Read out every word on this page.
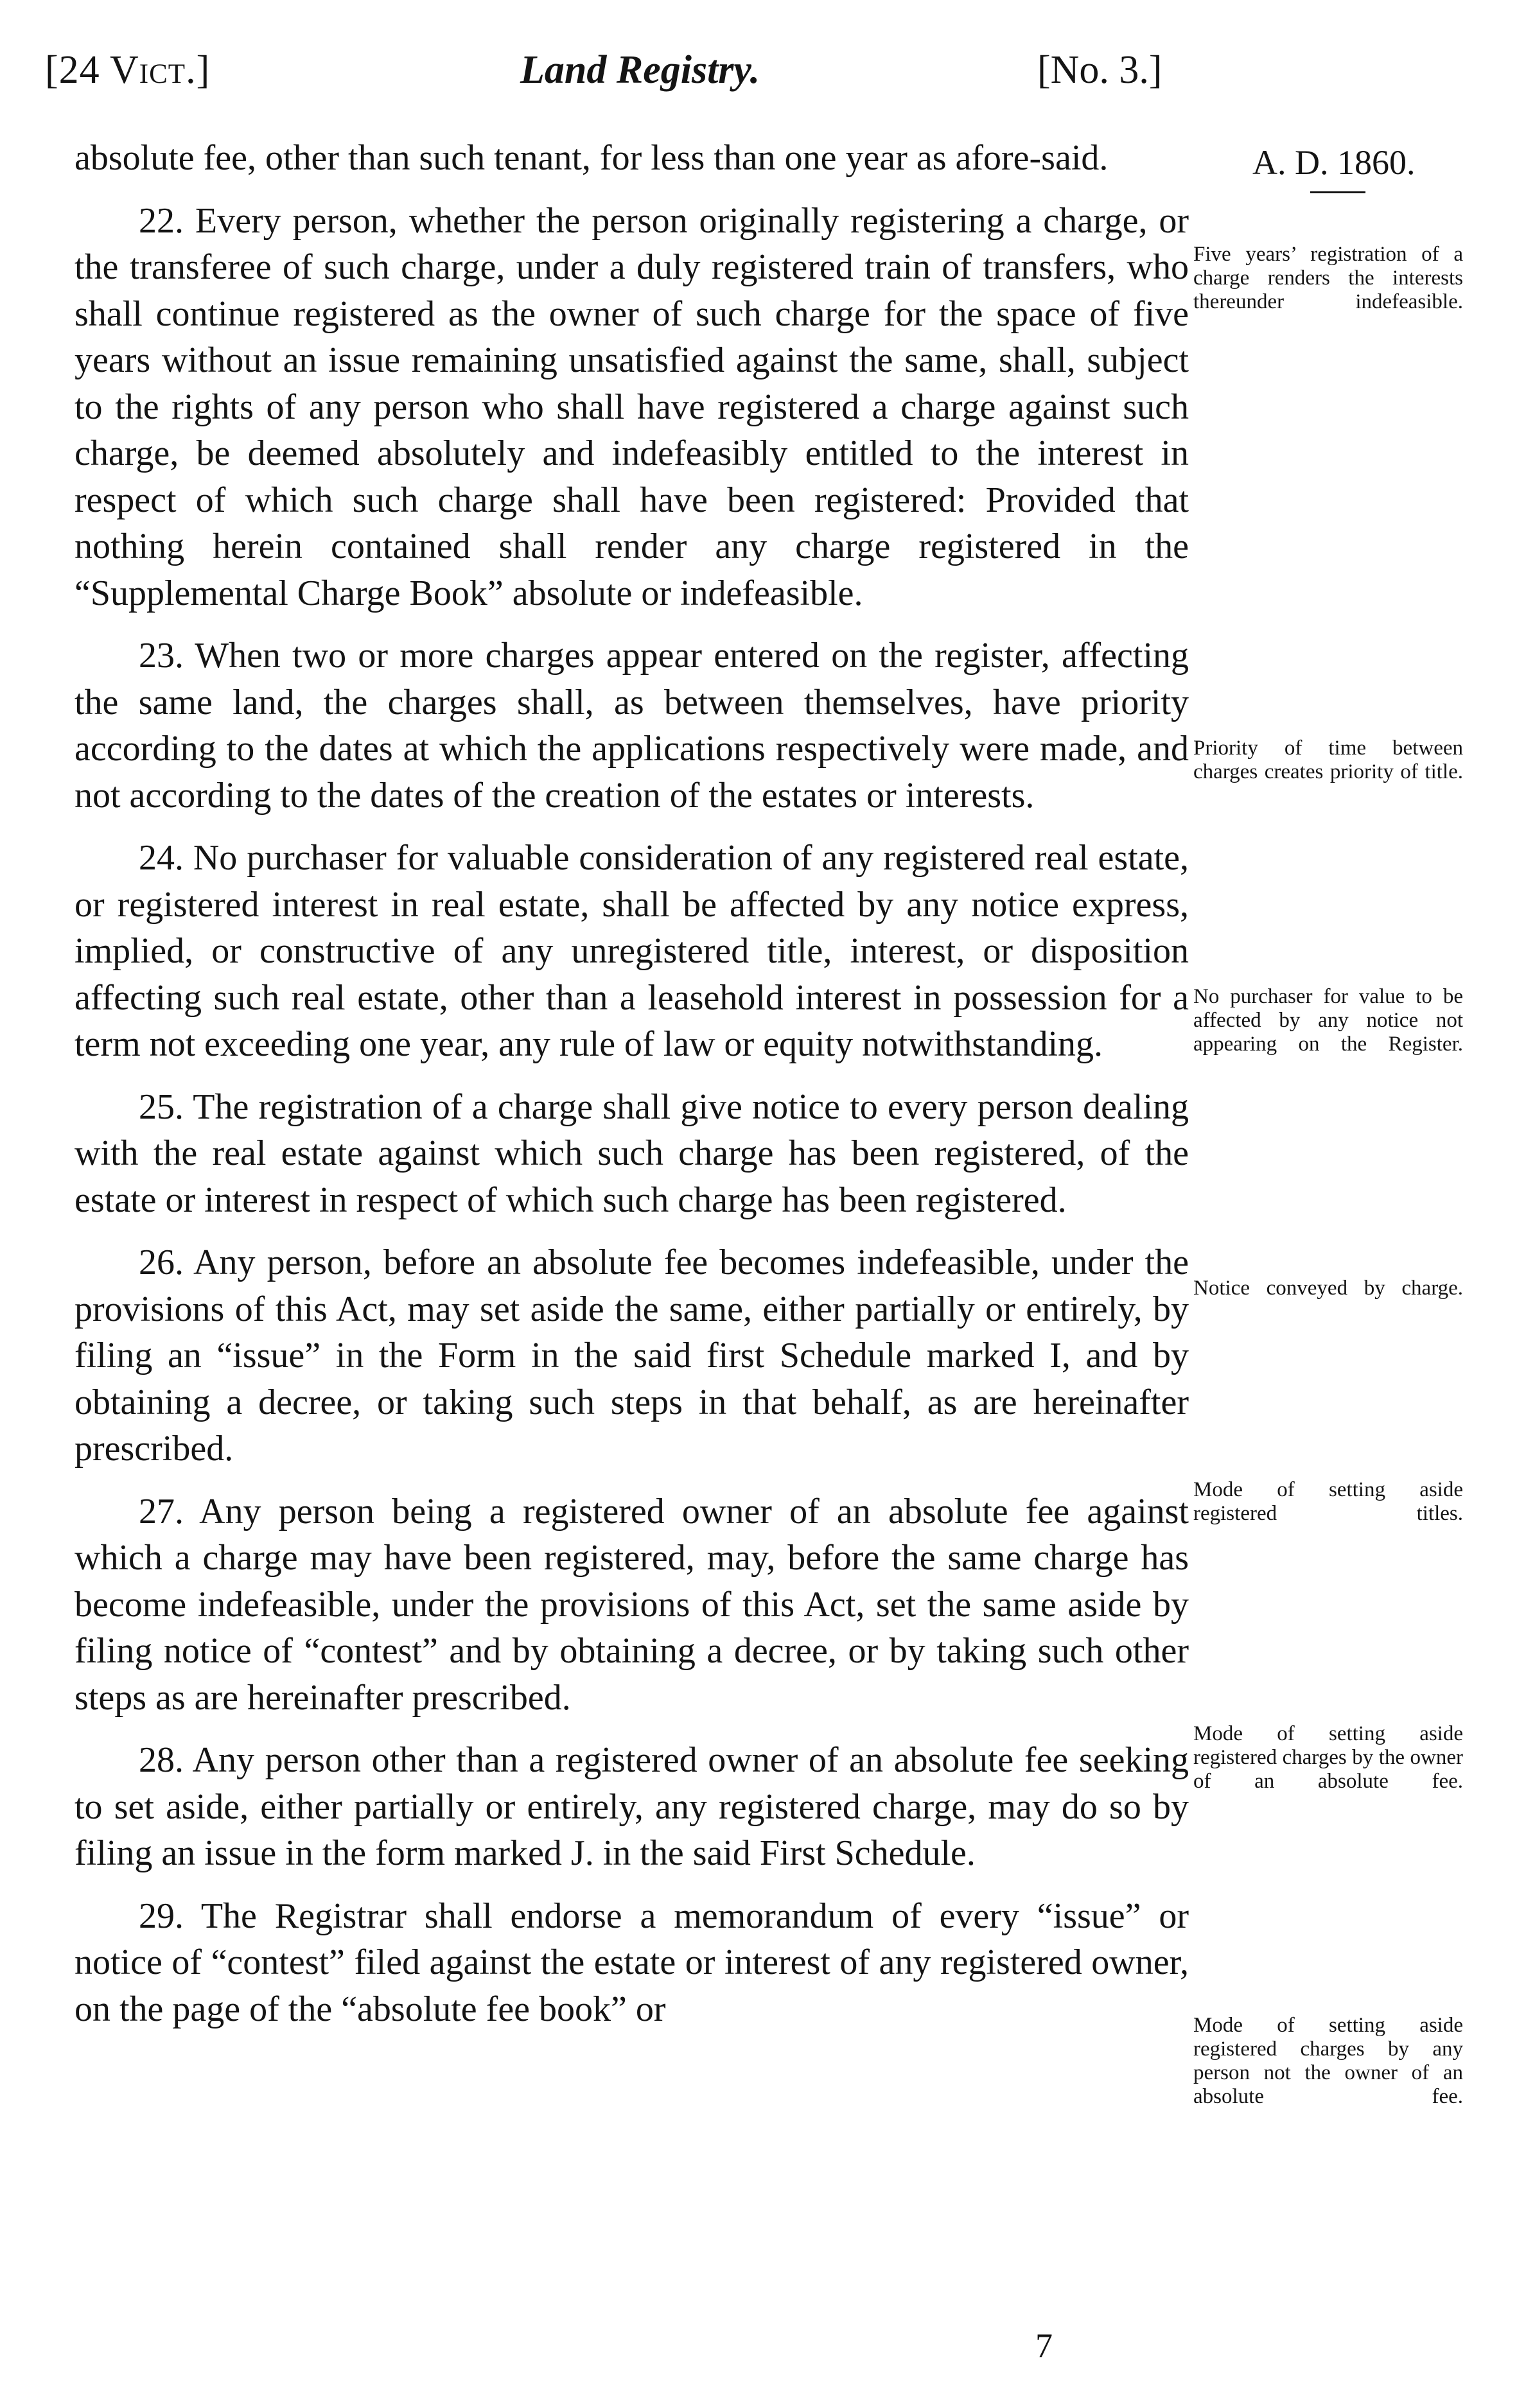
[24 Vict.]	Land Registry.	[No. 3.]
A. D. 1860.

absolute fee, other than such tenant, for less than one year as afore-said.

22. Every person, whether the person originally registering a charge, or the transferee of such charge, under a duly registered train of transfers, who shall continue registered as the owner of such charge for the space of five years without an issue remaining unsatisfied against the same, shall, subject to the rights of any person who shall have registered a charge against such charge, be deemed absolutely and indefeasibly entitled to the interest in respect of which such charge shall have been registered: Provided that nothing herein contained shall render any charge registered in the “Supplemental Charge Book” absolute or indefeasible.

23. When two or more charges appear entered on the register, affecting the same land, the charges shall, as between themselves, have priority according to the dates at which the applications respectively were made, and not according to the dates of the creation of the estates or interests.

24. No purchaser for valuable consideration of any registered real estate, or registered interest in real estate, shall be affected by any notice express, implied, or constructive of any unregistered title, interest, or disposition affecting such real estate, other than a leasehold interest in possession for a term not exceeding one year, any rule of law or equity notwithstanding.

25. The registration of a charge shall give notice to every person dealing with the real estate against which such charge has been registered, of the estate or interest in respect of which such charge has been registered.

26. Any person, before an absolute fee becomes indefeasible, under the provisions of this Act, may set aside the same, either partially or entirely, by filing an “issue” in the Form in the said first Schedule marked I, and by obtaining a decree, or taking such steps in that behalf, as are hereinafter prescribed.

27. Any person being a registered owner of an absolute fee against which a charge may have been registered, may, before the same charge has become indefeasible, under the provisions of this Act, set the same aside by filing notice of “contest” and by obtaining a decree, or by taking such other steps as are hereinafter prescribed.

28. Any person other than a registered owner of an absolute fee seeking to set aside, either partially or entirely, any registered charge, may do so by filing an issue in the form marked J. in the said First Schedule.

29. The Registrar shall endorse a memorandum of every “issue” or notice of “contest” filed against the estate or interest of any registered owner, on the page of the “absolute fee book” or

Five years’ registration of a charge renders the interests thereunder indefeasible.
Priority of time between charges creates priority of title.
No purchaser for value to be affected by any notice not appearing on the Register.
Notice conveyed by charge.
Mode of setting aside registered titles.
Mode of setting aside registered charges by the owner of an absolute fee.
Mode of setting aside registered charges by any person not the owner of an absolute fee.
7
